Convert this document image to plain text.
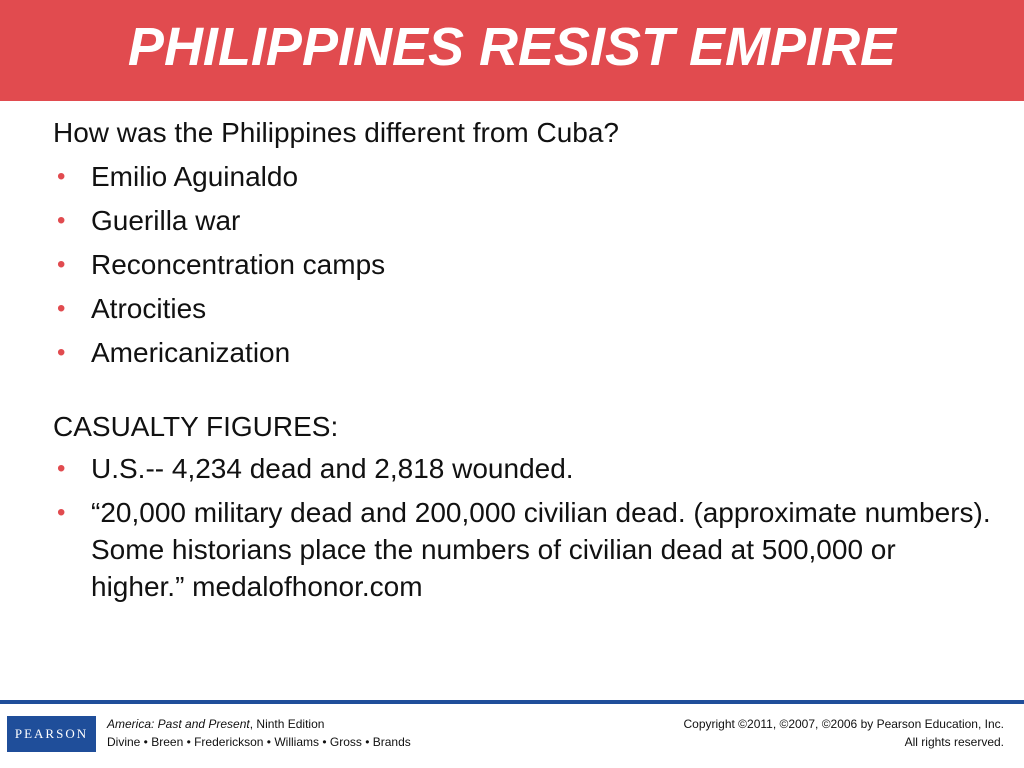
PHILIPPINES RESIST EMPIRE

How was the Philippines different from Cuba?

• Emilio Aguinaldo
• Guerilla war
• Reconcentration camps
• Atrocities
• Americanization

CASUALTY FIGURES:

• U.S.-- 4,234 dead and 2,818 wounded.
• “20,000 military dead and 200,000 civilian dead. (approximate numbers). Some historians place the numbers of civilian dead at 500,000 or higher.” medalofhonor.com
PEARSON
America: Past and Present, Ninth Edition
Divine • Breen • Frederickson • Williams • Gross • Brands
Copyright ©2011, ©2007, ©2006 by Pearson Education, Inc.
All rights reserved.
